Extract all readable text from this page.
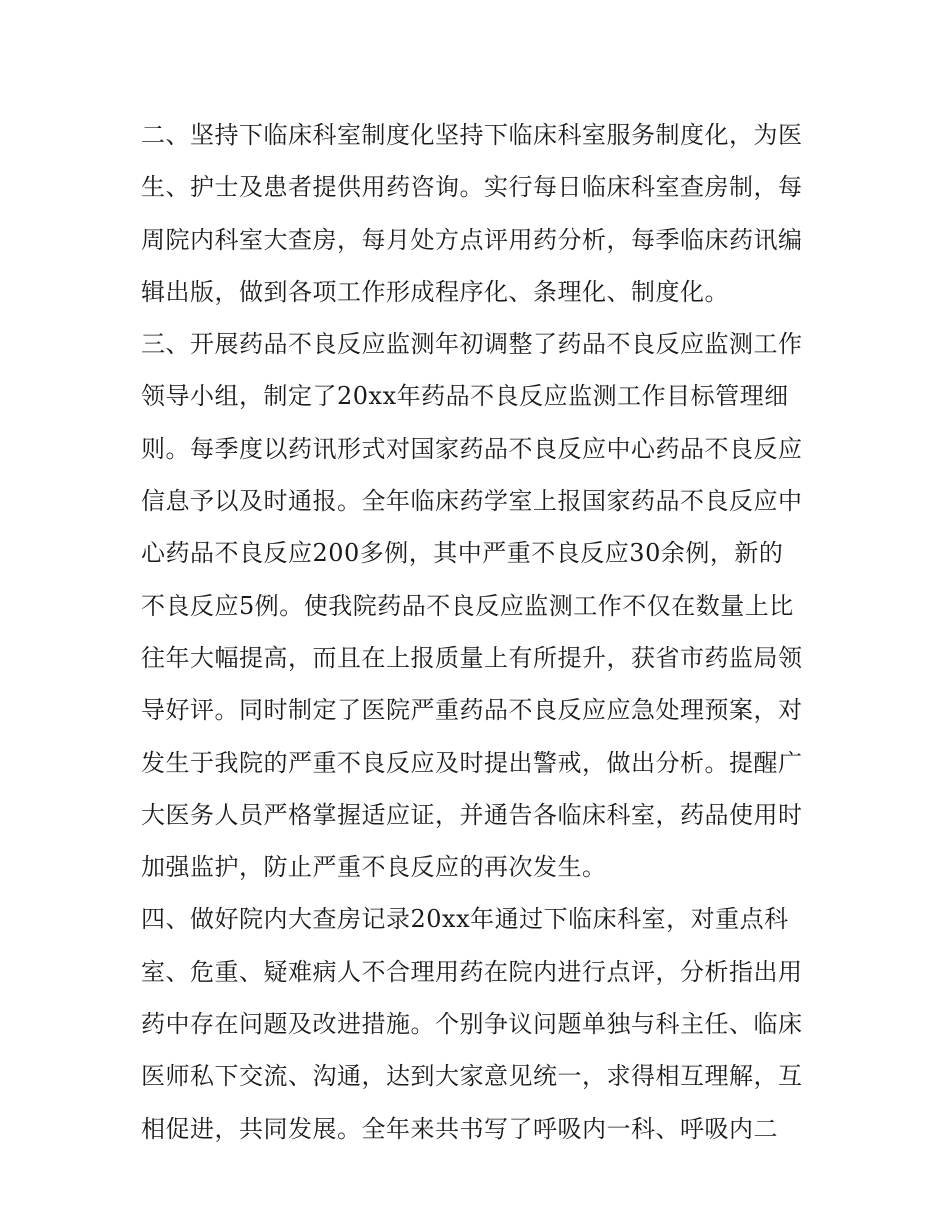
二、坚持下临床科室制度化坚持下临床科室服务制度化，为医
生、护士及患者提供用药咨询。实行每日临床科室查房制，每
周院内科室大查房，每月处方点评用药分析，每季临床药讯编
辑出版，做到各项工作形成程序化、条理化、制度化。
三、开展药品不良反应监测年初调整了药品不良反应监测工作
领导小组，制定了20xx年药品不良反应监测工作目标管理细
则。每季度以药讯形式对国家药品不良反应中心药品不良反应
信息予以及时通报。全年临床药学室上报国家药品不良反应中
心药品不良反应200多例，其中严重不良反应30余例，新的
不良反应5例。使我院药品不良反应监测工作不仅在数量上比
往年大幅提高，而且在上报质量上有所提升，获省市药监局领
导好评。同时制定了医院严重药品不良反应应急处理预案，对
发生于我院的严重不良反应及时提出警戒，做出分析。提醒广
大医务人员严格掌握适应证，并通告各临床科室，药品使用时
加强监护，防止严重不良反应的再次发生。
四、做好院内大查房记录20xx年通过下临床科室，对重点科
室、危重、疑难病人不合理用药在院内进行点评，分析指出用
药中存在问题及改进措施。个别争议问题单独与科主任、临床
医师私下交流、沟通，达到大家意见统一，求得相互理解，互
相促进，共同发展。全年来共书写了呼吸内一科、呼吸内二
